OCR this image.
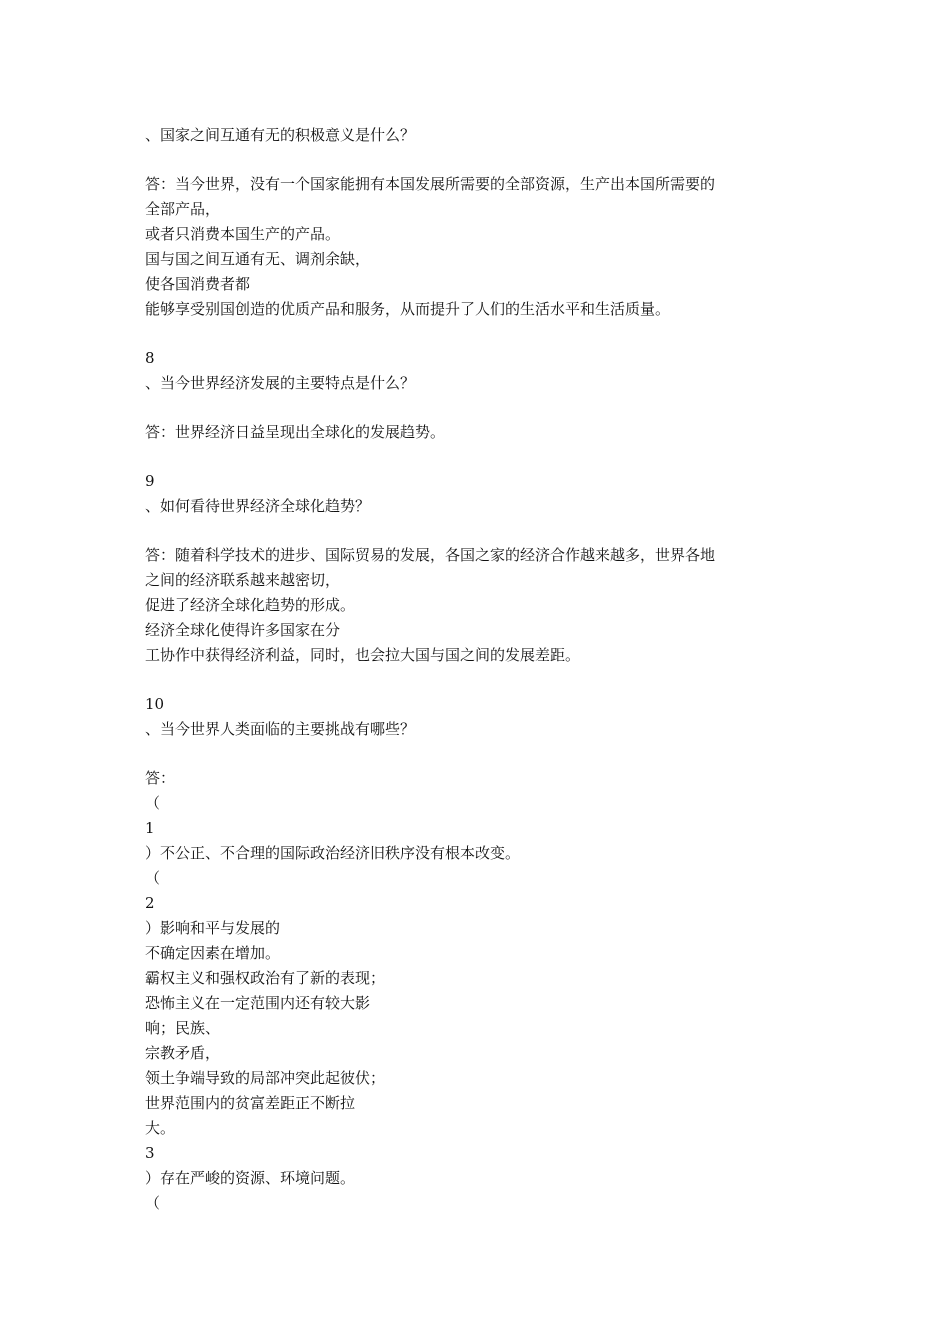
、国家之间互通有无的积极意义是什么？
答：当今世界，没有一个国家能拥有本国发展所需要的全部资源，生产出本国所需要的
全部产品，
或者只消费本国生产的产品。
国与国之间互通有无、调剂余缺，
使各国消费者都
能够享受别国创造的优质产品和服务，从而提升了人们的生活水平和生活质量。
8
、当今世界经济发展的主要特点是什么？
答：世界经济日益呈现出全球化的发展趋势。
9
、如何看待世界经济全球化趋势？
答：随着科学技术的进步、国际贸易的发展，各国之家的经济合作越来越多，世界各地
之间的经济联系越来越密切，
促进了经济全球化趋势的形成。
经济全球化使得许多国家在分
工协作中获得经济利益，同时，也会拉大国与国之间的发展差距。
10
、当今世界人类面临的主要挑战有哪些？
答：
（
1
）不公正、不合理的国际政治经济旧秩序没有根本改变。
（
2
）影响和平与发展的
不确定因素在增加。
霸权主义和强权政治有了新的表现；
恐怖主义在一定范围内还有较大影
响；民族、
宗教矛盾，
领土争端导致的局部冲突此起彼伏；
世界范围内的贫富差距正不断拉
大。
3
）存在严峻的资源、环境问题。
（
